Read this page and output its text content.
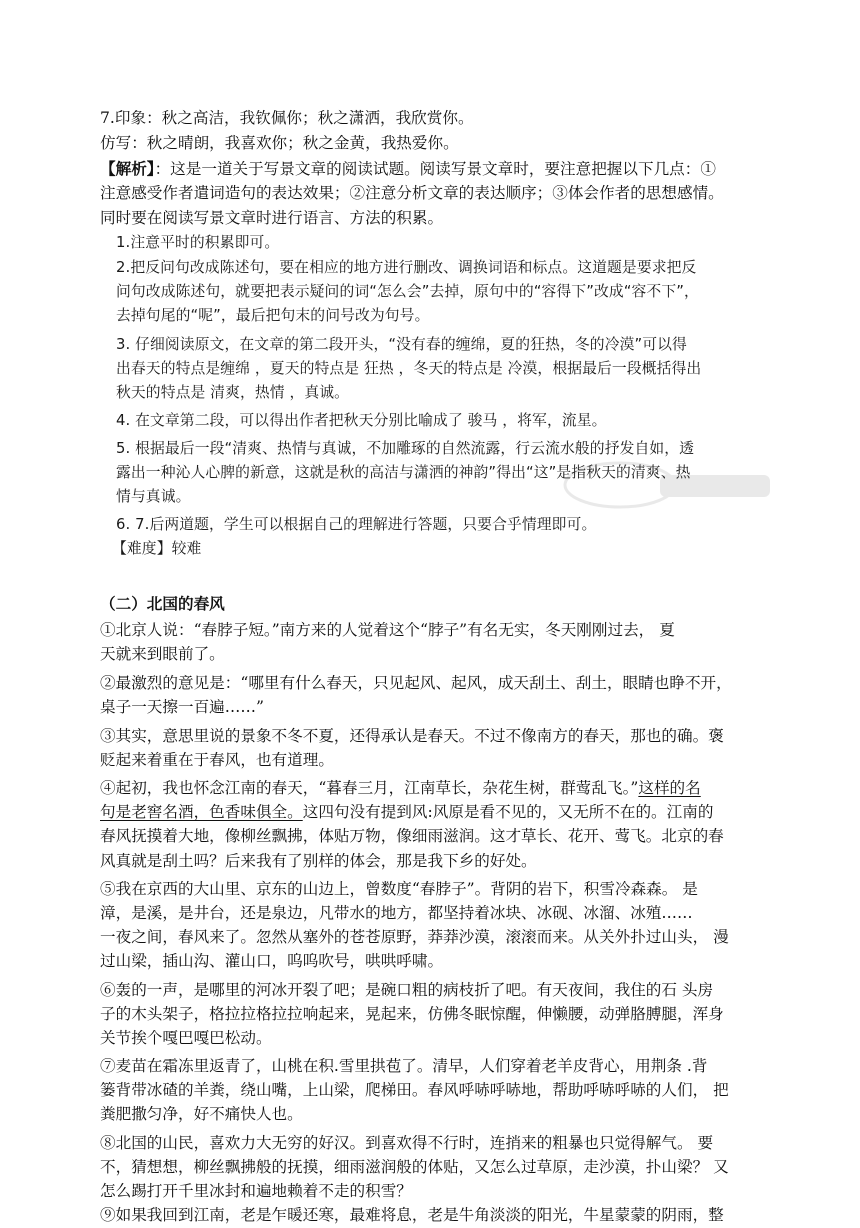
7.印象：秋之高洁，我钦佩你；秋之潇洒，我欣赏你。

仿写：秋之晴朗，我喜欢你；秋之金黄，我热爱你。

【解析】：这是一道关于写景文章的阅读试题。阅读写景文章时，要注意把握以下几点：①

注意感受作者遣词造句的表达效果；②注意分析文章的表达顺序；③体会作者的思想感情。

同时要在阅读写景文章时进行语言、方法的积累。

1.注意平时的积累即可。

2.把反问句改成陈述句，要在相应的地方进行删改、调换词语和标点。这道题是要求把反

问句改成陈述句，就要把表示疑问的词“怎么会”去掉，原句中的“容得下”改成“容不下”，

去掉句尾的“呢”，最后把句末的问号改为句号。

3. 仔细阅读原文，在文章的第二段开头，“没有春的缠绵，夏的狂热，冬的冷漠”可以得

出春天的特点是缠绵 ，夏天的特点是 狂热 ，冬天的特点是 冷漠，根据最后一段概括得出

秋天的特点是 清爽，热情 ，真诚。

4. 在文章第二段，可以得出作者把秋天分别比喻成了 骏马 ，将军，流星。

5. 根据最后一段“清爽、热情与真诚，不加雕琢的自然流露，行云流水般的抒发自如，透

露出一种沁人心脾的新意，这就是秋的高洁与潇洒的神韵”得出“这”是指秋天的清爽、热

情与真诚。

6. 7.后两道题，学生可以根据自己的理解进行答题，只要合乎情理即可。

【难度】较难

（二）北国的春风

①北京人说：“春脖子短。”南方来的人觉着这个“脖子”有名无实，冬天刚刚过去， 夏

天就来到眼前了。

②最激烈的意见是：“哪里有什么春天，只见起风、起风，成天刮土、刮土，眼睛也睁不开，

桌子一天擦一百遍……”

③其实，意思里说的景象不冬不夏，还得承认是春天。不过不像南方的春天，那也的确。褒

贬起来着重在于春风，也有道理。

④起初，我也怀念江南的春天，“暮春三月，江南草长，杂花生树，群莺乱飞。”这样的名

句是老窖名酒，色香味俱全。这四句没有提到风:风原是看不见的，又无所不在的。江南的

春风抚摸着大地，像柳丝飘拂，体贴万物，像细雨滋润。这才草长、花开、莺飞。北京的春

风真就是刮土吗？后来我有了别样的体会，那是我下乡的好处。

⑤我在京西的大山里、京东的山边上，曾数度“春脖子”。背阴的岩下，积雪冷森森。 是

漳，是溪，是井台，还是泉边，凡带水的地方，都坚持着冰块、冰砚、冰溜、冰殖……

一夜之间，春风来了。忽然从塞外的苍苍原野，莽莽沙漠，滚滚而来。从关外扑过山头， 漫

过山梁，插山沟、灌山口，呜呜吹号，哄哄呼啸。

⑥轰的一声，是哪里的河冰开裂了吧；是碗口粗的病枝折了吧。有天夜间，我住的石 头房

子的木头架子，格拉拉格拉拉响起来，晃起来，仿佛冬眠惊醒，伸懒腰，动弹胳膊腿，浑身

关节挨个嘎巴嘎巴松动。

⑦麦苗在霜冻里返青了，山桃在积.雪里拱苞了。清早，人们穿着老羊皮背心，用荆条 .背

篓背带冰碴的羊粪，绕山嘴，上山梁，爬梯田。春风呼哧呼哧地，帮助呼哧呼哧的人们， 把

粪肥撒匀净，好不痛快人也。

⑧北国的山民，喜欢力大无穷的好汉。到喜欢得不行时，连捎来的粗暴也只觉得解气。 要

不，猜想想，柳丝飘拂般的抚摸，细雨滋润般的体贴，又怎么过草原，走沙漠，扑山梁？ 又

怎么踢打开千里冰封和遍地赖着不走的积雪？

⑨如果我回到江南，老是乍暖还寒，最难将息，老是牛角淡淡的阳光，牛星蒙蒙的阴雨，整
